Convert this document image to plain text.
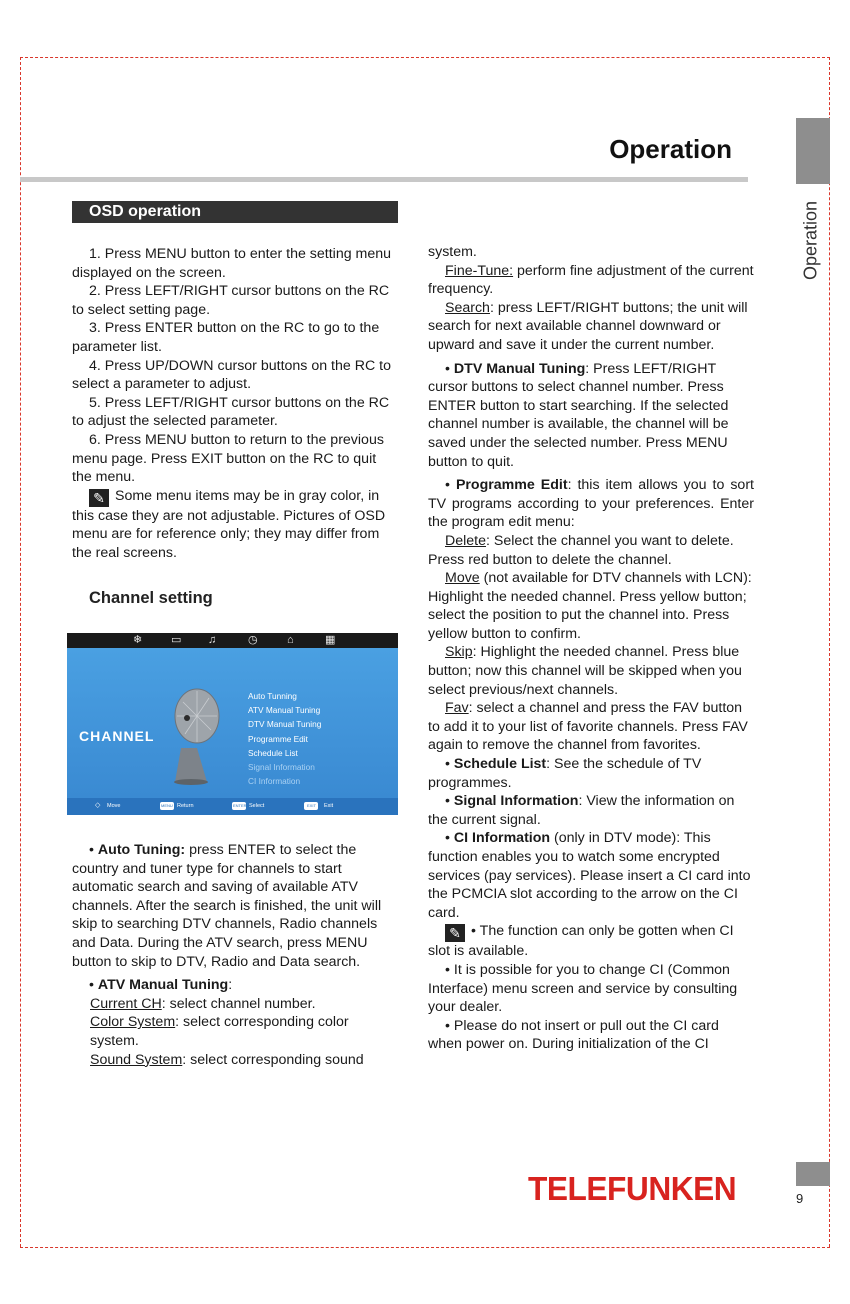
Operation
Operation
OSD operation

1. Press MENU button to enter the setting menu displayed on the screen.

2. Press LEFT/RIGHT cursor buttons on the RC to select setting page.

3. Press ENTER button on the RC to go to the parameter list.

4. Press UP/DOWN cursor buttons on the RC to select a parameter to adjust.

5. Press LEFT/RIGHT cursor buttons on the RC to adjust the selected parameter.

6. Press MENU button to return to the previous menu page. Press EXIT button on the RC to quit the menu.

✎ Some menu items may be in gray color, in this case they are not adjustable. Pictures of OSD menu are for reference only; they may differ from the real screens.

Channel setting
❄	▭ ♫	◷	⌂	▦
CHANNEL
Auto Tunning
ATV Manual Tuning
DTV Manual Tuning
Programme Edit
Schedule List
Signal Information
CI Information
◇ Move	MENU Return	ENTER Select	EXIT Exit

• Auto Tuning: press ENTER to select the country and tuner type for channels to start automatic search and saving of available ATV channels. After the search is finished, the unit will skip to searching DTV channels, Radio channels and Data. During the ATV search, press MENU button to skip to DTV, Radio and Data search.

• ATV Manual Tuning:

Current CH: select channel number.

Color System: select corresponding color system.

Sound System: select corresponding sound

system.

Fine-Tune: perform fine adjustment of the current frequency.

Search: press LEFT/RIGHT buttons; the unit will search for next available channel downward or upward and save it under the current number.

• DTV Manual Tuning: Press LEFT/RIGHT cursor buttons to select channel number. Press ENTER button to start searching. If the selected channel number is available, the channel will be saved under the selected number. Press MENU button to quit.

• Programme Edit: this item allows you to sort TV programs according to your preferences. Enter the program edit menu:

Delete: Select the channel you want to delete. Press red button to delete the channel.

Move (not available for DTV channels with LCN): Highlight the needed channel. Press yellow button; select the position to put the channel into. Press yellow button to confirm.

Skip: Highlight the needed channel. Press blue button; now this channel will be skipped when you select previous/next channels.

Fav: select a channel and press the FAV button to add it to your list of favorite channels. Press FAV again to remove the channel from favorites.

• Schedule List: See the schedule of TV programmes.

• Signal Information: View the information on the current signal.

• CI Information (only in DTV mode): This function enables you to watch some encrypted services (pay services). Please insert a CI card into the PCMCIA slot according to the arrow on the CI card.

✎ • The function can only be gotten when CI slot is available.

• It is possible for you to change CI (Common Interface) menu screen and service by consulting your dealer.

• Please do not insert or pull out the CI card when power on. During initialization of the CI

TELEFUNKEN	9
